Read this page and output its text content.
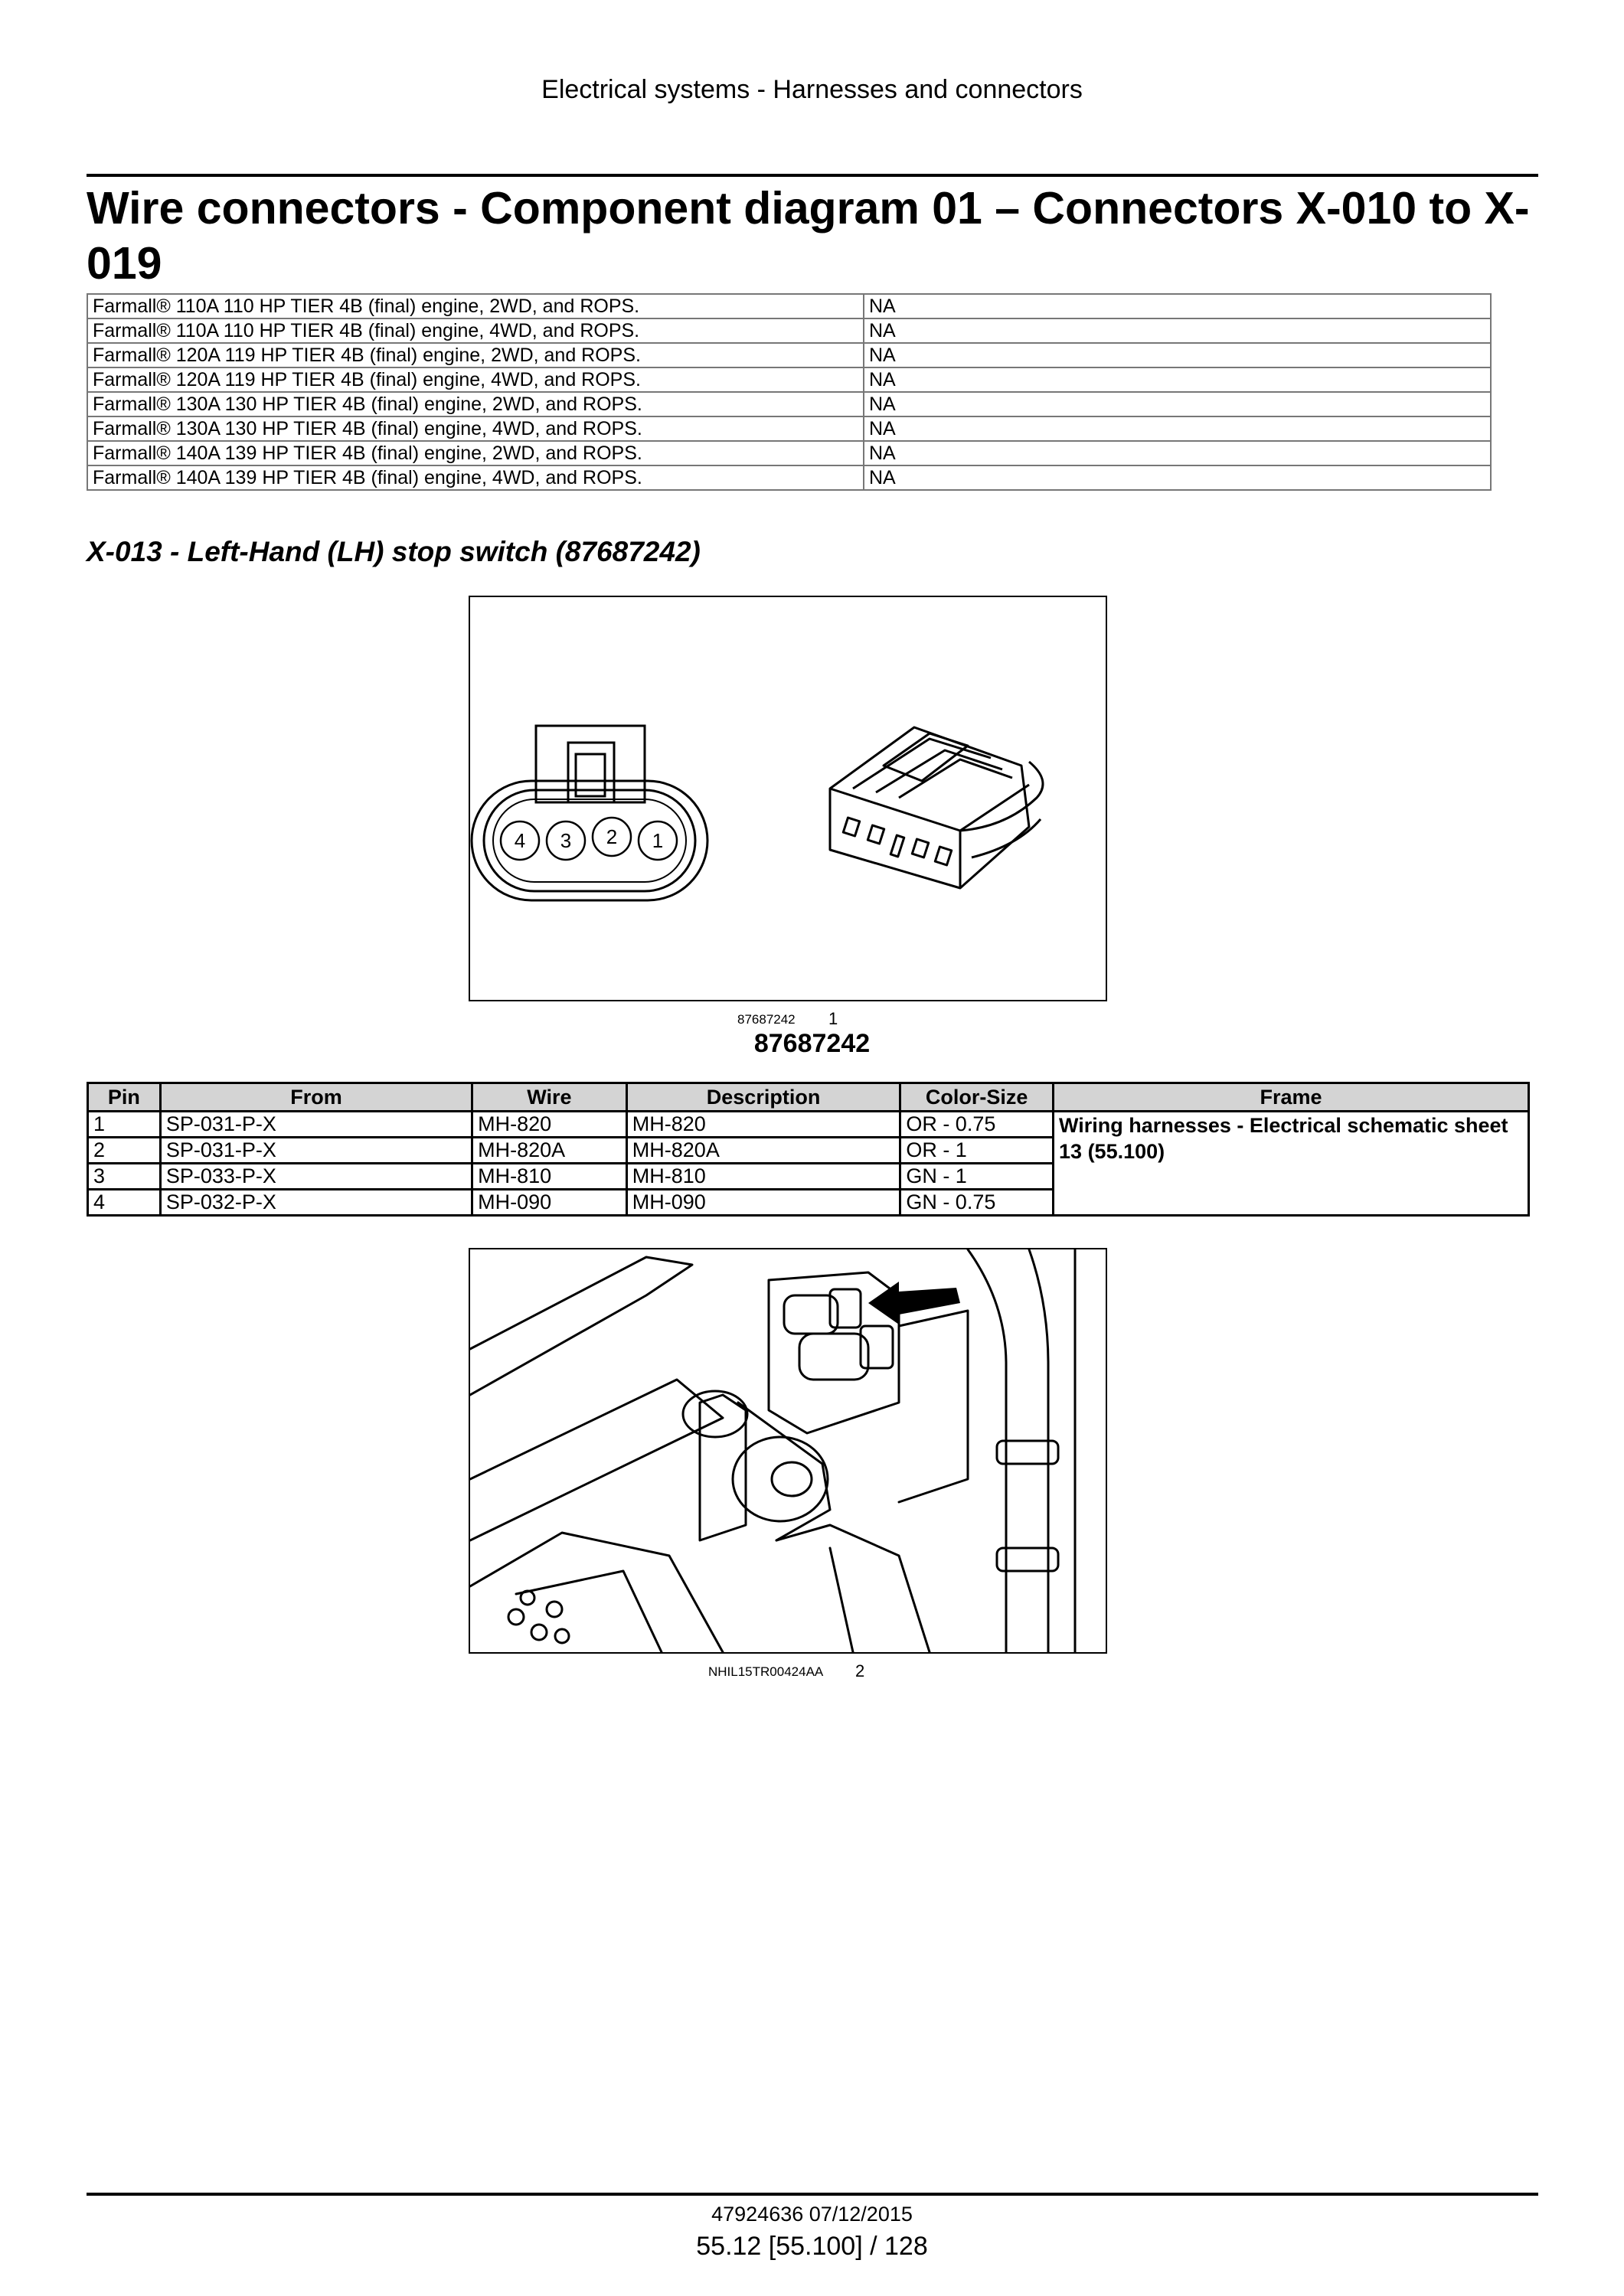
Electrical systems - Harnesses and connectors
Wire connectors - Component diagram 01 – Connectors X-010 to X-019
Farmall® 110A 110 HP TIER 4B (final) engine, 2WD, and ROPS.	NA
Farmall® 110A 110 HP TIER 4B (final) engine, 4WD, and ROPS.	NA
Farmall® 120A 119 HP TIER 4B (final) engine, 2WD, and ROPS.	NA
Farmall® 120A 119 HP TIER 4B (final) engine, 4WD, and ROPS.	NA
Farmall® 130A 130 HP TIER 4B (final) engine, 2WD, and ROPS.	NA
Farmall® 130A 130 HP TIER 4B (final) engine, 4WD, and ROPS.	NA
Farmall® 140A 139 HP TIER 4B (final) engine, 2WD, and ROPS.	NA
Farmall® 140A 139 HP TIER 4B (final) engine, 4WD, and ROPS.	NA
X-013 - Left-Hand (LH) stop switch (87687242)
4 3 2 1
87687242 1
87687242
Pin	From	Wire	Description	Color-Size	Frame
1	SP-031-P-X	MH-820	MH-820	OR - 0.75	Wiring harnesses - Electrical schematic sheet 13 (55.100)
2	SP-031-P-X	MH-820A	MH-820A	OR - 1	
3	SP-033-P-X	MH-810	MH-810	GN - 1	
4	SP-032-P-X	MH-090	MH-090	GN - 0.75	
NHIL15TR00424AA 2
47924636 07/12/2015
55.12 [55.100] / 128
